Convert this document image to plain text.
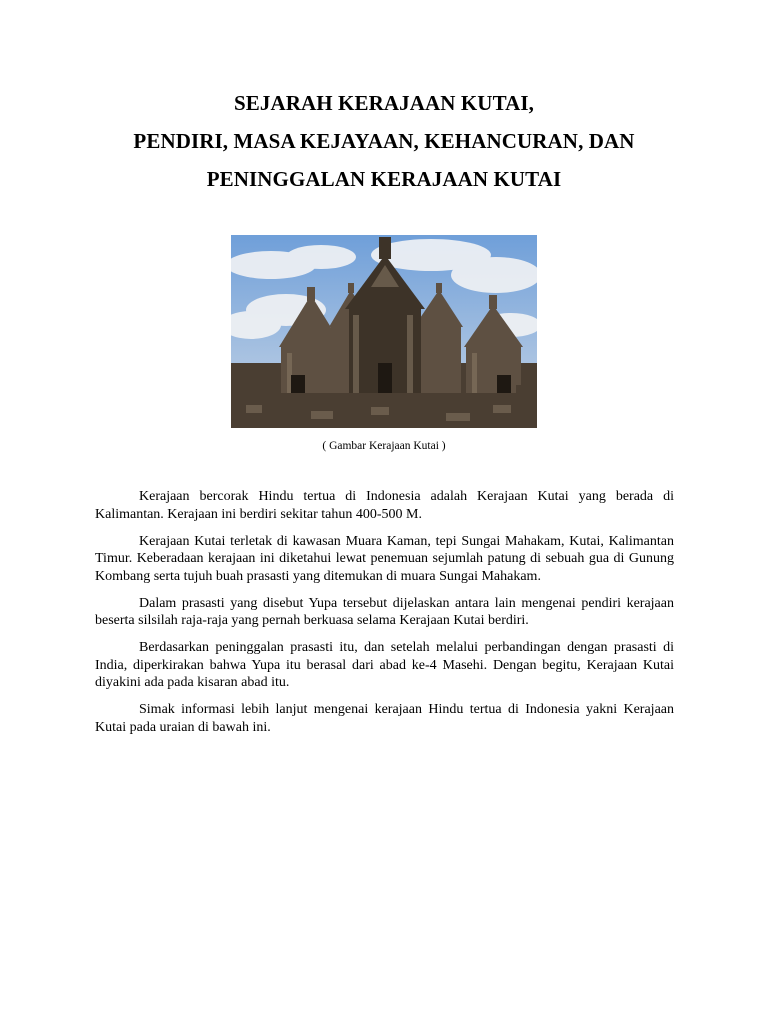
SEJARAH KERAJAAN KUTAI,
PENDIRI, MASA KEJAYAAN, KEHANCURAN, DAN
PENINGGALAN KERAJAAN KUTAI
( Gambar Kerajaan Kutai )

Kerajaan bercorak Hindu tertua di Indonesia adalah Kerajaan Kutai yang berada di Kalimantan. Kerajaan ini berdiri sekitar tahun 400-500 M.

Kerajaan Kutai terletak di kawasan Muara Kaman, tepi Sungai Mahakam, Kutai, Kalimantan Timur. Keberadaan kerajaan ini diketahui lewat penemuan sejumlah patung di sebuah gua di Gunung Kombang serta tujuh buah prasasti yang ditemukan di muara Sungai Mahakam.

Dalam prasasti yang disebut Yupa tersebut dijelaskan antara lain mengenai pendiri kerajaan beserta silsilah raja-raja yang pernah berkuasa selama Kerajaan Kutai berdiri.

Berdasarkan peninggalan prasasti itu, dan setelah melalui perbandingan dengan prasasti di India, diperkirakan bahwa Yupa itu berasal dari abad ke-4 Masehi. Dengan begitu, Kerajaan Kutai diyakini ada pada kisaran abad itu.

Simak informasi lebih lanjut mengenai kerajaan Hindu tertua di Indonesia yakni Kerajaan Kutai pada uraian di bawah ini.
